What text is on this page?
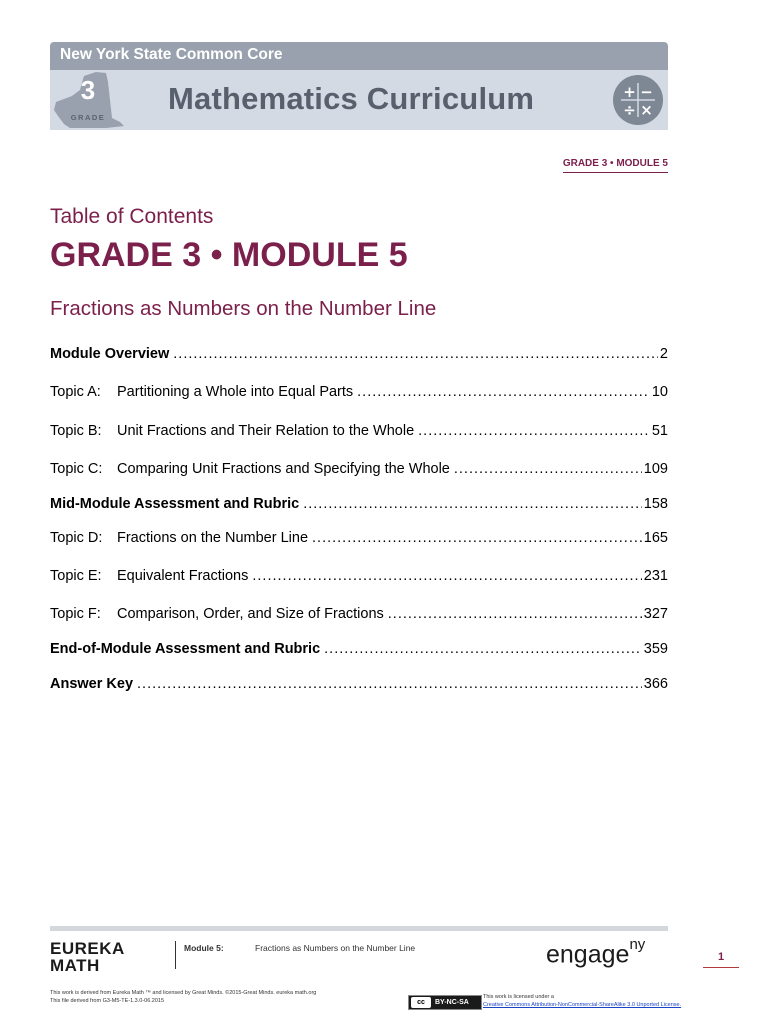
New York State Common Core
3
GRADE
Mathematics Curriculum	+ −
÷ ×
GRADE 3 • MODULE 5
Table of Contents
GRADE 3 • MODULE 5
Fractions as Numbers on the Number Line
Module Overview .....	2
Topic A:	Partitioning a Whole into Equal Parts .....	10
Topic B:	Unit Fractions and Their Relation to the Whole .....	51
Topic C:	Comparing Unit Fractions and Specifying the Whole .....	109
Mid-Module Assessment and Rubric .....	158
Topic D:	Fractions on the Number Line .....	165
Topic E:	Equivalent Fractions .....	231
Topic F:	Comparison, Order, and Size of Fractions .....	327
End-of-Module Assessment and Rubric .....	359
Answer Key .....	366
EUREKA
MATH
Module 5:	Fractions as Numbers on the Number Line	engage$^{ny}$
1
This work is derived from Eureka Math ™ and licensed by Great Minds. ©2015-Great Minds. eureka math.org
This file derived from G3-M5-TE-1.3.0-06.2015	cc	BY-NC-SA
This work is licensed under a
Creative Commons Attribution-NonCommercial-ShareAlike 3.0 Unported License.
